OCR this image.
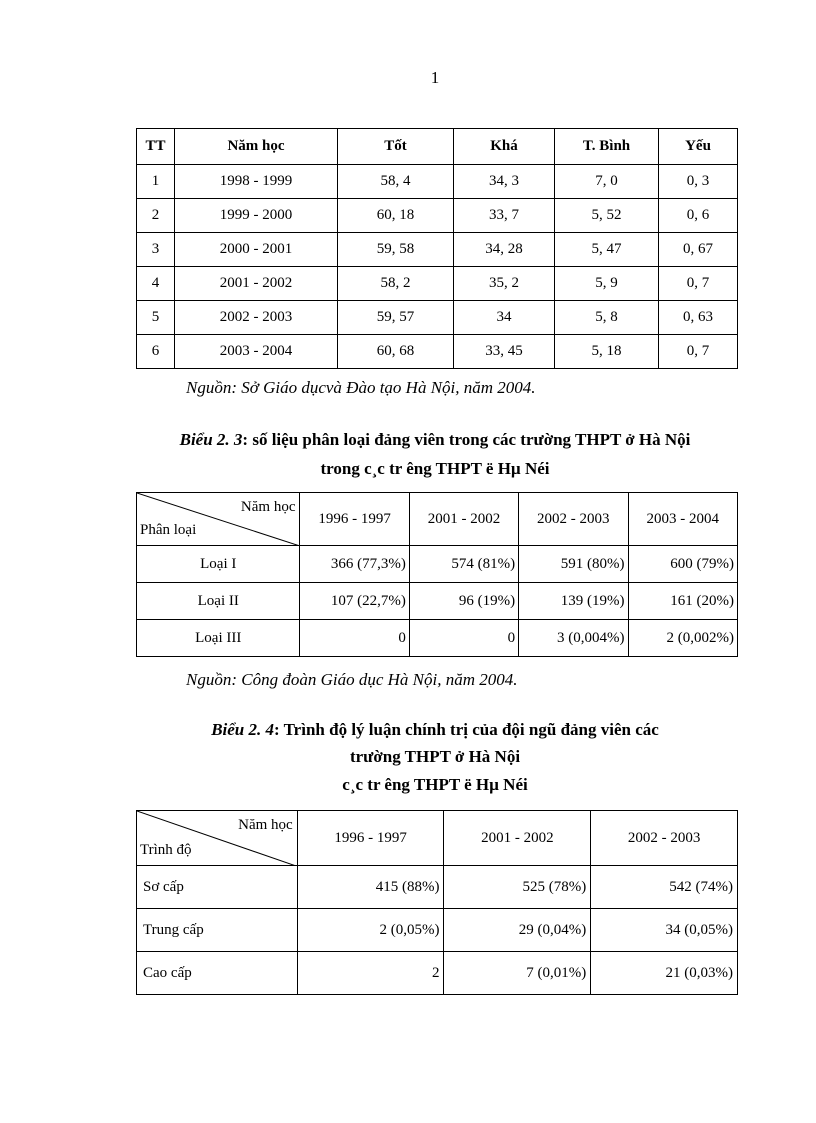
1
TT	Năm học	Tốt	Khá	T. Bình	Yếu
1	1998 - 1999	58, 4	34, 3	7, 0	0, 3
2	1999 - 2000	60, 18	33, 7	5, 52	0, 6
3	2000 - 2001	59, 58	34, 28	5, 47	0, 67
4	2001 - 2002	58, 2	35, 2	5, 9	0, 7
5	2002 - 2003	59, 57	34	5, 8	0, 63
6	2003 - 2004	60, 68	33, 45	5, 18	0, 7
Nguồn: Sở Giáo dụcvà Đào tạo Hà Nội, năm 2004.
Biểu 2. 3: số liệu phân loại đảng viên trong các trường THPT ở Hà Nội
trong c¸c tr êng THPT ë Hµ Néi
Năm học
Phân loại	1996 - 1997	2001 - 2002	2002 - 2003	2003 - 2004
Loại I	366 (77,3%)	574 (81%)	591 (80%)	600 (79%)
Loại II	107 (22,7%)	96 (19%)	139 (19%)	161 (20%)
Loại III	0	0	3 (0,004%)	2 (0,002%)
Nguồn: Công đoàn Giáo dục Hà Nội, năm 2004.
Biểu 2. 4: Trình độ lý luận chính trị của đội ngũ đảng viên các
trường THPT ở Hà Nội
c¸c tr êng THPT ë Hµ Néi
Năm học
Trình độ	1996 - 1997	2001 - 2002	2002 - 2003
Sơ cấp	415 (88%)	525 (78%)	542 (74%)
Trung cấp	2 (0,05%)	29 (0,04%)	34 (0,05%)
Cao cấp	2	7 (0,01%)	21 (0,03%)
